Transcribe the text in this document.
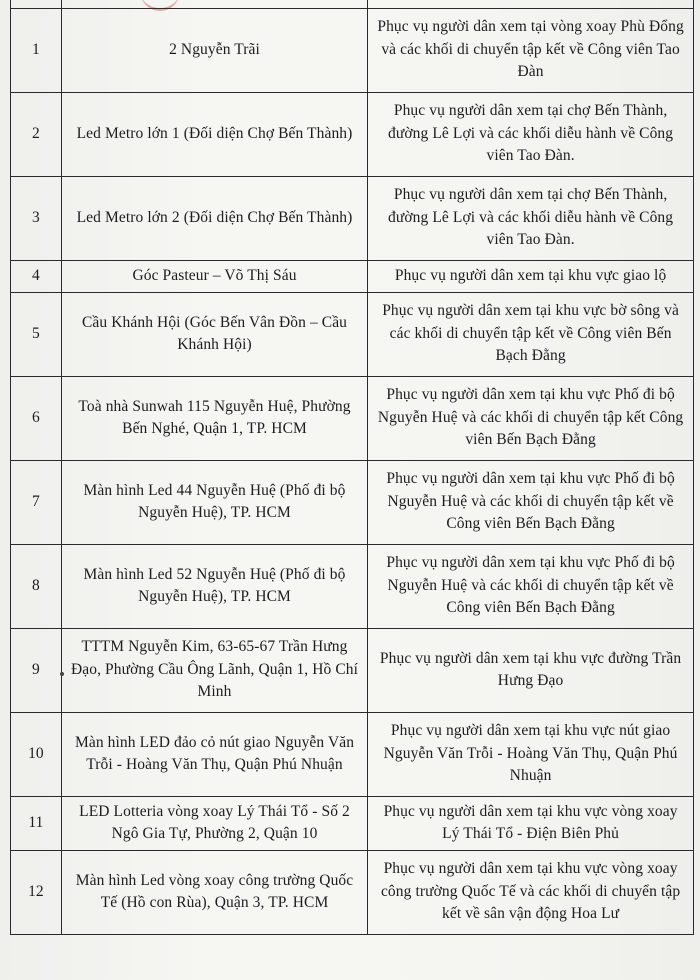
1	2 Nguyễn Trãi	Phục vụ người dân xem tại vòng xoay Phù Đổng và các khối di chuyển tập kết về Công viên Tao Đàn
2	Led Metro lớn 1 (Đối diện Chợ Bến Thành)	Phục vụ người dân xem tại chợ Bến Thành, đường Lê Lợi và các khối diễu hành về Công viên Tao Đàn.
3	Led Metro lớn 2 (Đối diện Chợ Bến Thành)	Phục vụ người dân xem tại chợ Bến Thành, đường Lê Lợi và các khối diễu hành về Công viên Tao Đàn.
4	Góc Pasteur – Võ Thị Sáu	Phục vụ người dân xem tại khu vực giao lộ
5	Cầu Khánh Hội (Góc Bến Vân Đồn – Cầu Khánh Hội)	Phục vụ người dân xem tại khu vực bờ sông và các khối di chuyển tập kết về Công viên Bến Bạch Đằng
6	Toà nhà Sunwah 115 Nguyễn Huệ, Phường Bến Nghé, Quận 1, TP. HCM	Phục vụ người dân xem tại khu vực Phố đi bộ Nguyễn Huệ và các khối di chuyển tập kết Công viên Bến Bạch Đằng
7	Màn hình Led 44 Nguyễn Huệ (Phố đi bộ Nguyễn Huệ), TP. HCM	Phục vụ người dân xem tại khu vực Phố đi bộ Nguyễn Huệ và các khối di chuyển tập kết về Công viên Bến Bạch Đằng
8	Màn hình Led 52 Nguyễn Huệ (Phố đi bộ Nguyễn Huệ), TP. HCM	Phục vụ người dân xem tại khu vực Phố đi bộ Nguyễn Huệ và các khối di chuyển tập kết về Công viên Bến Bạch Đằng
9	TTTM Nguyễn Kim, 63-65-67 Trần Hưng Đạo, Phường Cầu Ông Lãnh, Quận 1, Hồ Chí Minh	Phục vụ người dân xem tại khu vực đường Trần Hưng Đạo
10	Màn hình LED đảo cỏ nút giao Nguyễn Văn Trỗi - Hoàng Văn Thụ, Quận Phú Nhuận	Phục vụ người dân xem tại khu vực nút giao Nguyễn Văn Trỗi - Hoàng Văn Thụ, Quận Phú Nhuận
11	LED Lotteria vòng xoay Lý Thái Tổ - Số 2 Ngô Gia Tự, Phường 2, Quận 10	Phục vụ người dân xem tại khu vực vòng xoay Lý Thái Tổ - Điện Biên Phủ
12	Màn hình Led vòng xoay công trường Quốc Tế (Hồ con Rùa), Quận 3, TP. HCM	Phục vụ người dân xem tại khu vực vòng xoay công trường Quốc Tế và các khối di chuyển tập kết về sân vận động Hoa Lư
